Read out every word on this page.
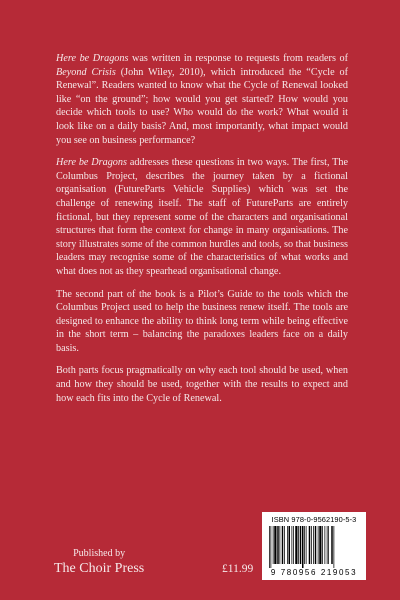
Here be Dragons was written in response to requests from readers of Beyond Crisis (John Wiley, 2010), which introduced the “Cycle of Renewal”. Readers wanted to know what the Cycle of Renewal looked like “on the ground”; how would you get started? How would you decide which tools to use? Who would do the work? What would it look like on a daily basis? And, most importantly, what impact would you see on business performance?

Here be Dragons addresses these questions in two ways. The first, The Columbus Project, describes the journey taken by a fictional organisation (FutureParts Vehicle Supplies) which was set the challenge of renewing itself. The staff of FutureParts are entirely fictional, but they represent some of the characters and organisational structures that form the context for change in many organisations. The story illustrates some of the common hurdles and tools, so that business leaders may recognise some of the characteristics of what works and what does not as they spearhead organisational change.

The second part of the book is a Pilot’s Guide to the tools which the Columbus Project used to help the business renew itself. The tools are designed to enhance the ability to think long term while being effective in the short term – balancing the paradoxes leaders face on a daily basis.

Both parts focus pragmatically on why each tool should be used, when and how they should be used, together with the results to expect and how each fits into the Cycle of Renewal.

Published by
The Choir Press	£11.99
ISBN 978-0-9562190-5-3
9 780956 219053
